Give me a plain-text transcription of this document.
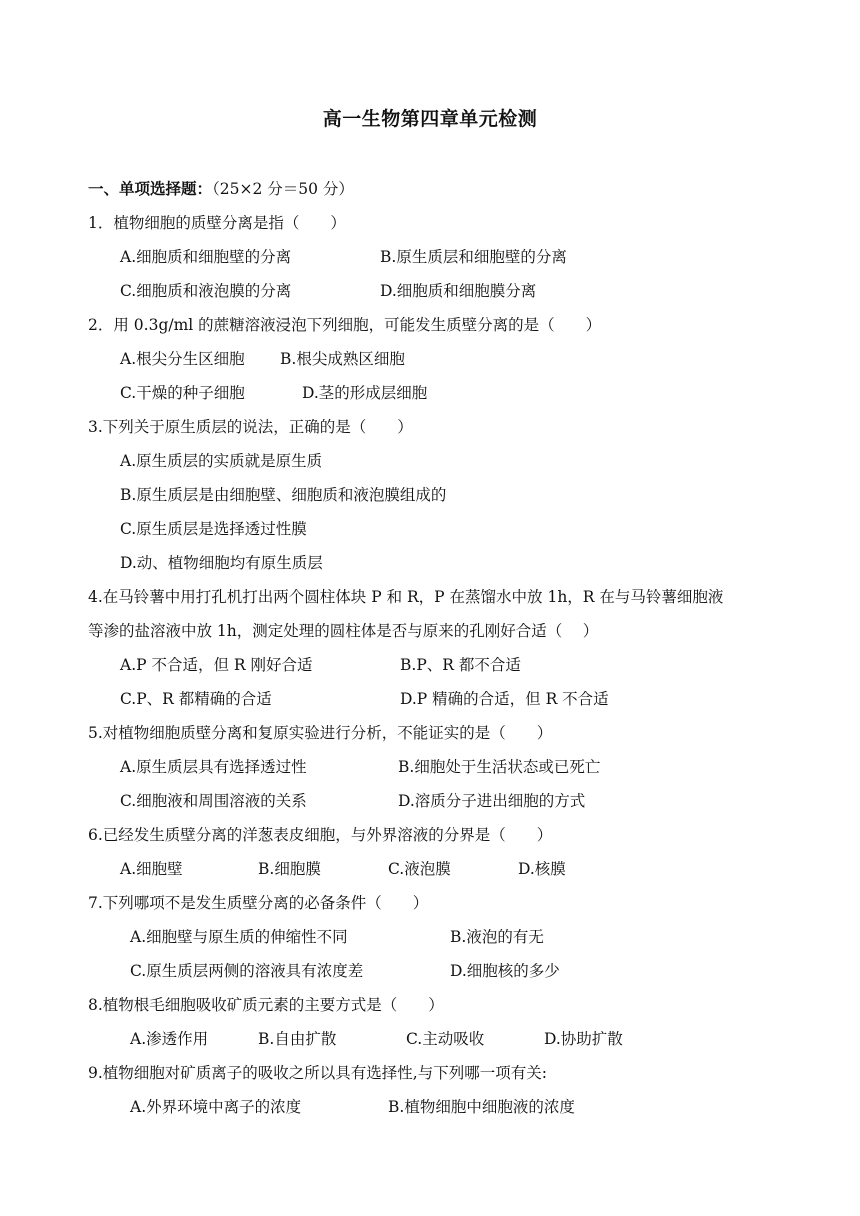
高一生物第四章单元检测
一、单项选择题：（25×2 分＝50 分）
1．植物细胞的质壁分离是指（　　）
A.细胞质和细胞壁的分离	B.原生质层和细胞壁的分离
C.细胞质和液泡膜的分离	D.细胞质和细胞膜分离
2．用 0.3g/ml 的蔗糖溶液浸泡下列细胞，可能发生质壁分离的是（　　）
A.根尖分生区细胞 B.根尖成熟区细胞
C.干燥的种子细胞	D.茎的形成层细胞
3.下列关于原生质层的说法，正确的是（　　）
A.原生质层的实质就是原生质
B.原生质层是由细胞壁、细胞质和液泡膜组成的
C.原生质层是选择透过性膜
D.动、植物细胞均有原生质层
4.在马铃薯中用打孔机打出两个圆柱体块 P 和 R，P 在蒸馏水中放 1h，R 在与马铃薯细胞液
等渗的盐溶液中放 1h，测定处理的圆柱体是否与原来的孔刚好合适（　 ）
A.P 不合适，但 R 刚好合适	B.P、R 都不合适
C.P、R 都精确的合适	D.P 精确的合适，但 R 不合适
5.对植物细胞质壁分离和复原实验进行分析，不能证实的是（　　）
A.原生质层具有选择透过性	B.细胞处于生活状态或已死亡
C.细胞液和周围溶液的关系	D.溶质分子进出细胞的方式
6.已经发生质壁分离的洋葱表皮细胞，与外界溶液的分界是（　　）
A.细胞壁	B.细胞膜	C.液泡膜	D.核膜
7.下列哪项不是发生质壁分离的必备条件（　　）
A.细胞壁与原生质的伸缩性不同	B.液泡的有无
C.原生质层两侧的溶液具有浓度差	D.细胞核的多少
8.植物根毛细胞吸收矿质元素的主要方式是（　　）
A.渗透作用	B.自由扩散	C.主动吸收	D.协助扩散
9.植物细胞对矿质离子的吸收之所以具有选择性,与下列哪一项有关:
A.外界环境中离子的浓度	B.植物细胞中细胞液的浓度
